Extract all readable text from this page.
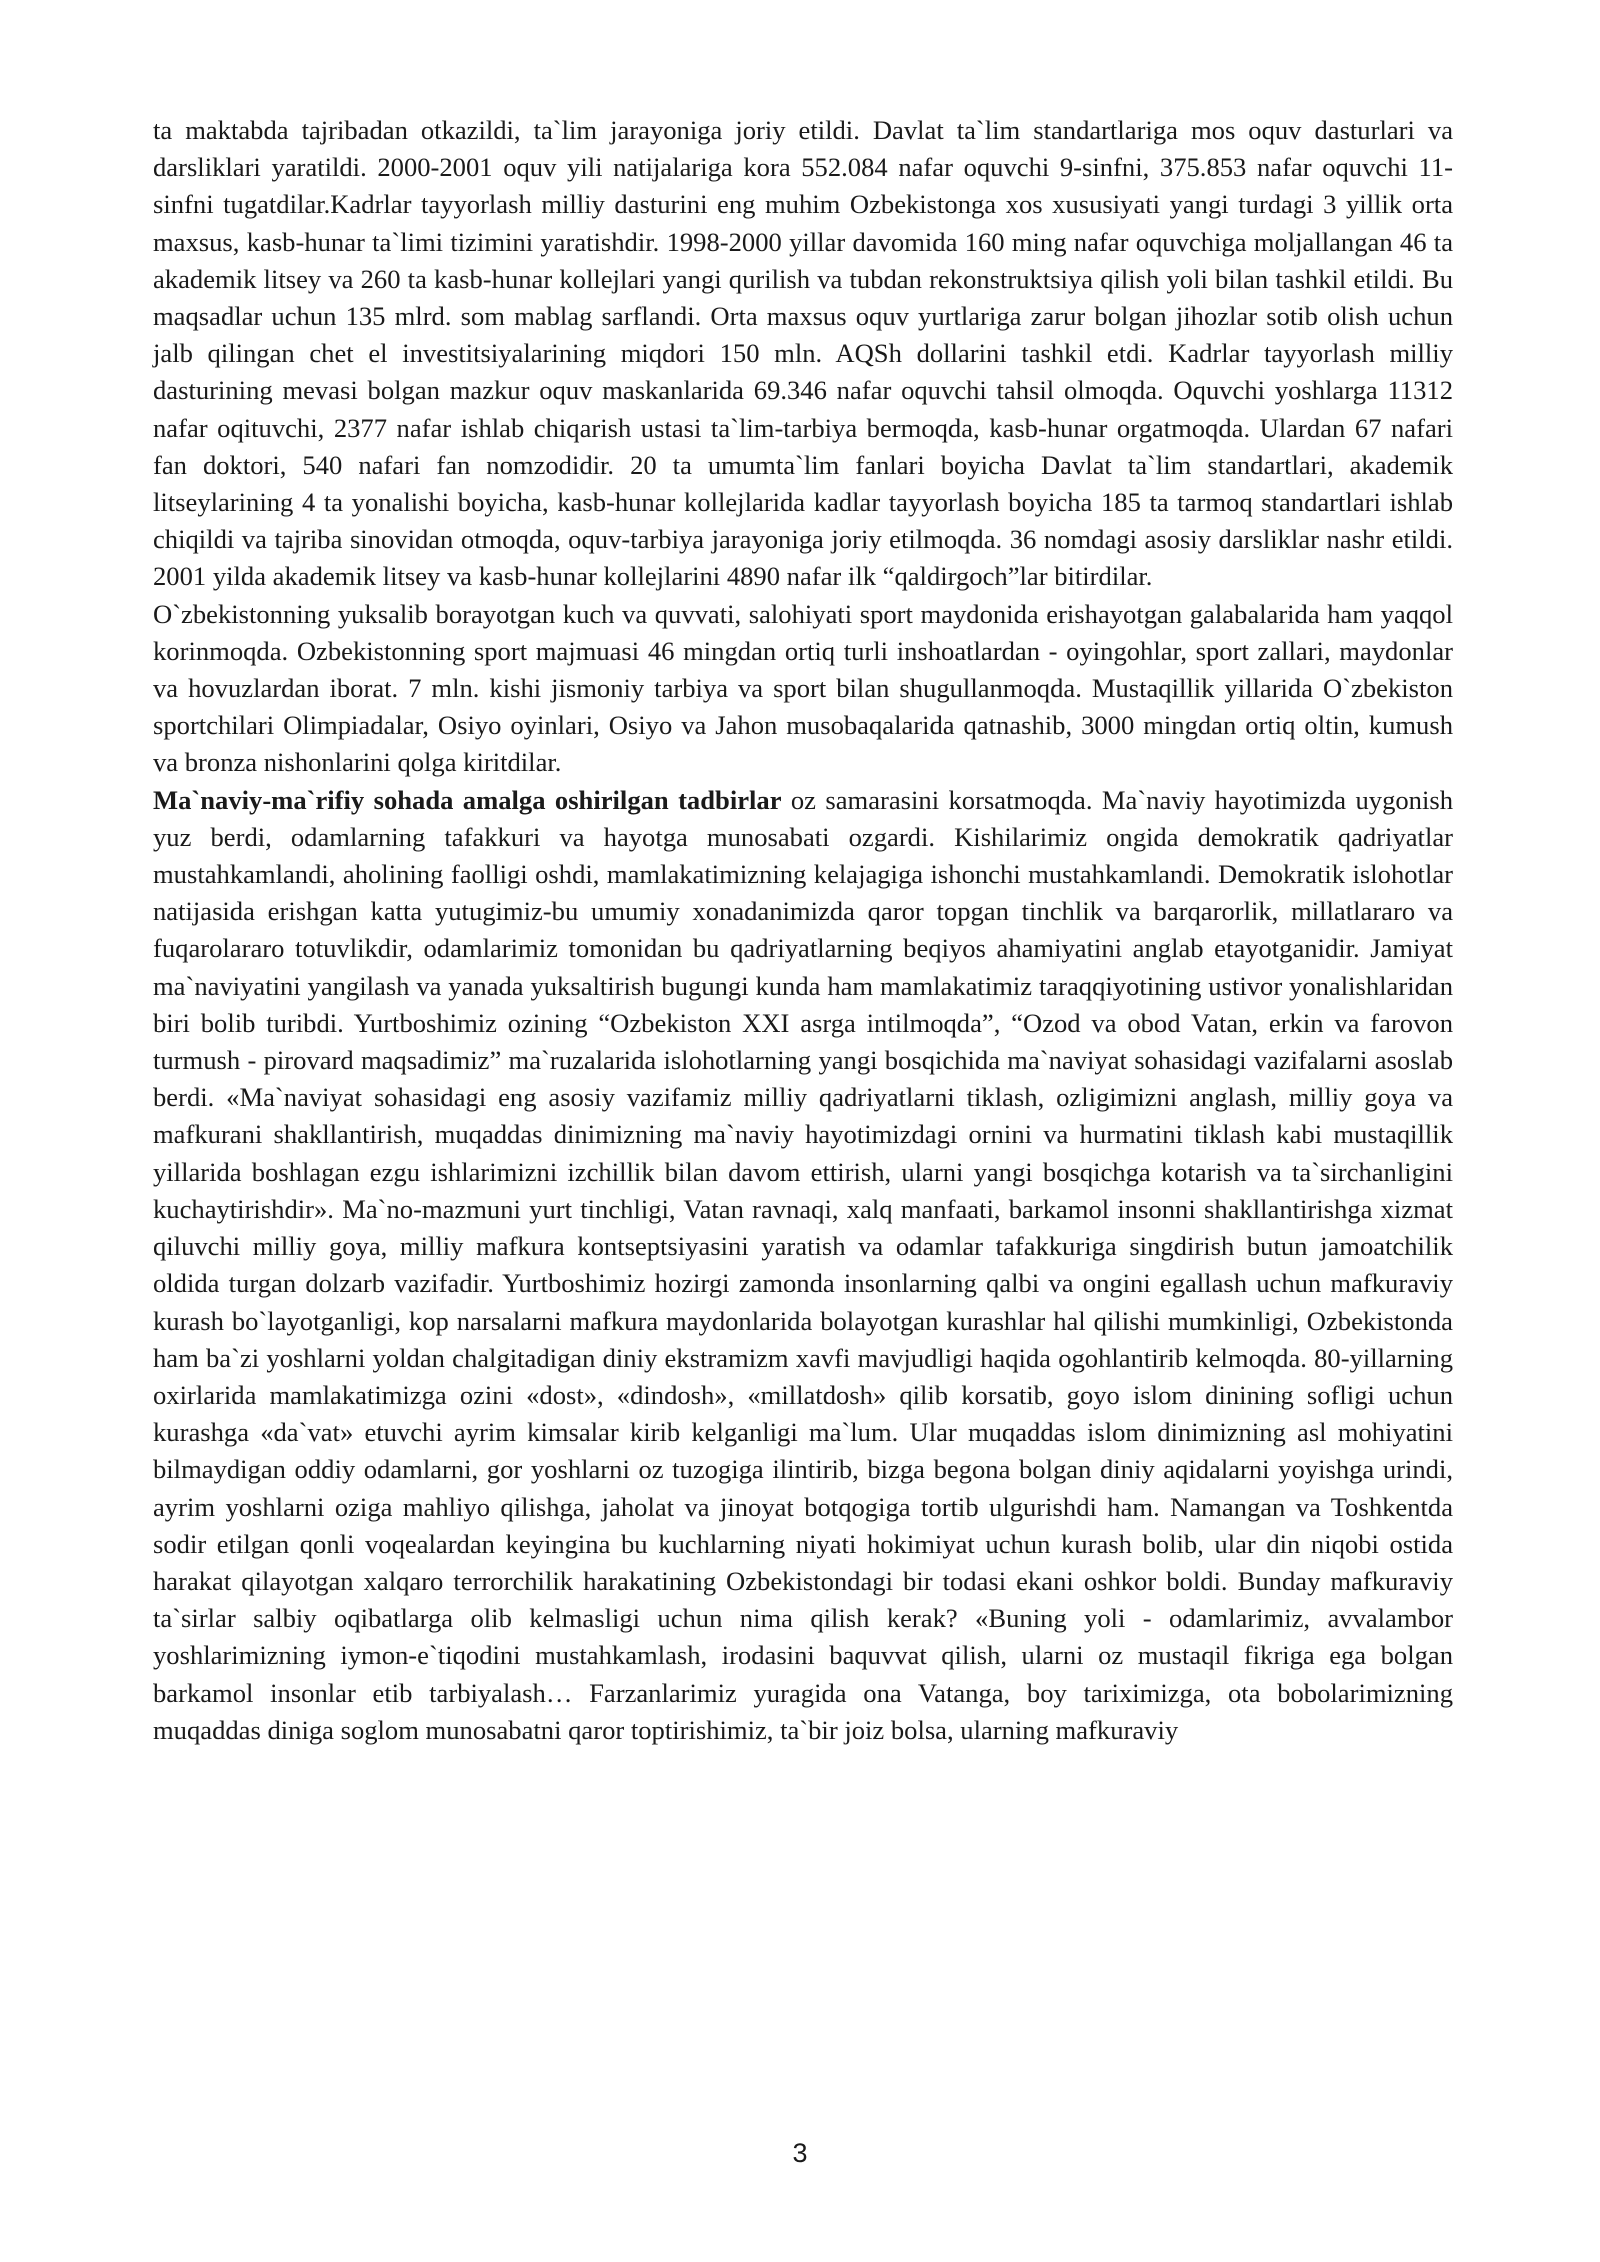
ta maktabda tajribadan otkazildi, ta`lim jarayoniga joriy etildi. Davlat ta`lim standartlariga mos oquv dasturlari va darsliklari yaratildi. 2000-2001 oquv yili natijalariga kora 552.084 nafar oquvchi 9-sinfni, 375.853 nafar oquvchi 11-sinfni tugatdilar.Kadrlar tayyorlash milliy dasturini eng muhim Ozbekistonga xos xususiyati yangi turdagi 3 yillik orta maxsus, kasb-hunar ta`limi tizimini yaratishdir. 1998-2000 yillar davomida 160 ming nafar oquvchiga moljallangan 46 ta akademik litsey va 260 ta kasb-hunar kollejlari yangi qurilish va tubdan rekonstruktsiya qilish yoli bilan tashkil etildi. Bu maqsadlar uchun 135 mlrd. som mablag sarflandi. Orta maxsus oquv yurtlariga zarur bolgan jihozlar sotib olish uchun jalb qilingan chet el investitsiyalarining miqdori 150 mln. AQSh dollarini tashkil etdi. Kadrlar tayyorlash milliy dasturining mevasi bolgan mazkur oquv maskanlarida 69.346 nafar oquvchi tahsil olmoqda. Oquvchi yoshlarga 11312 nafar oqituvchi, 2377 nafar ishlab chiqarish ustasi ta`lim-tarbiya bermoqda, kasb-hunar orgatmoqda. Ulardan 67 nafari fan doktori, 540 nafari fan nomzodidir. 20 ta umumta`lim fanlari boyicha Davlat ta`lim standartlari, akademik litseylarining 4 ta yonalishi boyicha, kasb-hunar kollejlarida kadlar tayyorlash boyicha 185 ta tarmoq standartlari ishlab chiqildi va tajriba sinovidan otmoqda, oquv-tarbiya jarayoniga joriy etilmoqda. 36 nomdagi asosiy darsliklar nashr etildi. 2001 yilda akademik litsey va kasb-hunar kollejlarini 4890 nafar ilk “qaldirgoch”lar bitirdilar.

O`zbekistonning yuksalib borayotgan kuch va quvvati, salohiyati sport maydonida erishayotgan galabalarida ham yaqqol korinmoqda. Ozbekistonning sport majmuasi 46 mingdan ortiq turli inshoatlardan - oyingohlar, sport zallari, maydonlar va hovuzlardan iborat. 7 mln. kishi jismoniy tarbiya va sport bilan shugullanmoqda. Mustaqillik yillarida O`zbekiston sportchilari Olimpiadalar, Osiyo oyinlari, Osiyo va Jahon musobaqalarida qatnashib, 3000 mingdan ortiq oltin, kumush va bronza nishonlarini qolga kiritdilar.

Ma`naviy-ma`rifiy sohada amalga oshirilgan tadbirlar oz samarasini korsatmoqda. Ma`naviy hayotimizda uygonish yuz berdi, odamlarning tafakkuri va hayotga munosabati ozgardi. Kishilarimiz ongida demokratik qadriyatlar mustahkamlandi, aholining faolligi oshdi, mamlakatimizning kelajagiga ishonchi mustahkamlandi. Demokratik islohotlar natijasida erishgan katta yutugimiz-bu umumiy xonadanimizda qaror topgan tinchlik va barqarorlik, millatlararo va fuqarolararo totuvlikdir, odamlarimiz tomonidan bu qadriyatlarning beqiyos ahamiyatini anglab etayotganidir. Jamiyat ma`naviyatini yangilash va yanada yuksaltirish bugungi kunda ham mamlakatimiz taraqqiyotining ustivor yonalishlaridan biri bolib turibdi. Yurtboshimiz ozining “Ozbekiston XXI asrga intilmoqda”, “Ozod va obod Vatan, erkin va farovon turmush - pirovard maqsadimiz” ma`ruzalarida islohotlarning yangi bosqichida ma`naviyat sohasidagi vazifalarni asoslab berdi. «Ma`naviyat sohasidagi eng asosiy vazifamiz milliy qadriyatlarni tiklash, ozligimizni anglash, milliy goya va mafkurani shakllantirish, muqaddas dinimizning ma`naviy hayotimizdagi ornini va hurmatini tiklash kabi mustaqillik yillarida boshlagan ezgu ishlarimizni izchillik bilan davom ettirish, ularni yangi bosqichga kotarish va ta`sirchanligini kuchaytirishdir». Ma`no-mazmuni yurt tinchligi, Vatan ravnaqi, xalq manfaati, barkamol insonni shakllantirishga xizmat qiluvchi milliy goya, milliy mafkura kontseptsiyasini yaratish va odamlar tafakkuriga singdirish butun jamoatchilik oldida turgan dolzarb vazifadir. Yurtboshimiz hozirgi zamonda insonlarning qalbi va ongini egallash uchun mafkuraviy kurash bo`layotganligi, kop narsalarni mafkura maydonlarida bolayotgan kurashlar hal qilishi mumkinligi, Ozbekistonda ham ba`zi yoshlarni yoldan chalgitadigan diniy ekstramizm xavfi mavjudligi haqida ogohlantirib kelmoqda. 80-yillarning oxirlarida mamlakatimizga ozini «dost», «dindosh», «millatdosh» qilib korsatib, goyo islom dinining sofligi uchun kurashga «da`vat» etuvchi ayrim kimsalar kirib kelganligi ma`lum. Ular muqaddas islom dinimizning asl mohiyatini bilmaydigan oddiy odamlarni, gor yoshlarni oz tuzogiga ilintirib, bizga begona bolgan diniy aqidalarni yoyishga urindi, ayrim yoshlarni oziga mahliyo qilishga, jaholat va jinoyat botqogiga tortib ulgurishdi ham. Namangan va Toshkentda sodir etilgan qonli voqealardan keyingina bu kuchlarning niyati hokimiyat uchun kurash bolib, ular din niqobi ostida harakat qilayotgan xalqaro terrorchilik harakatining Ozbekistondagi bir todasi ekani oshkor boldi. Bunday mafkuraviy ta`sirlar salbiy oqibatlarga olib kelmasligi uchun nima qilish kerak? «Buning yoli - odamlarimiz, avvalambor yoshlarimizning iymon-e`tiqodini mustahkamlash, irodasini baquvvat qilish, ularni oz mustaqil fikriga ega bolgan barkamol insonlar etib tarbiyalash… Farzanlarimiz yuragida ona Vatanga, boy tariximizga, ota bobolarimizning muqaddas diniga soglom munosabatni qaror toptirishimiz, ta`bir joiz bolsa, ularning mafkuraviy

3
